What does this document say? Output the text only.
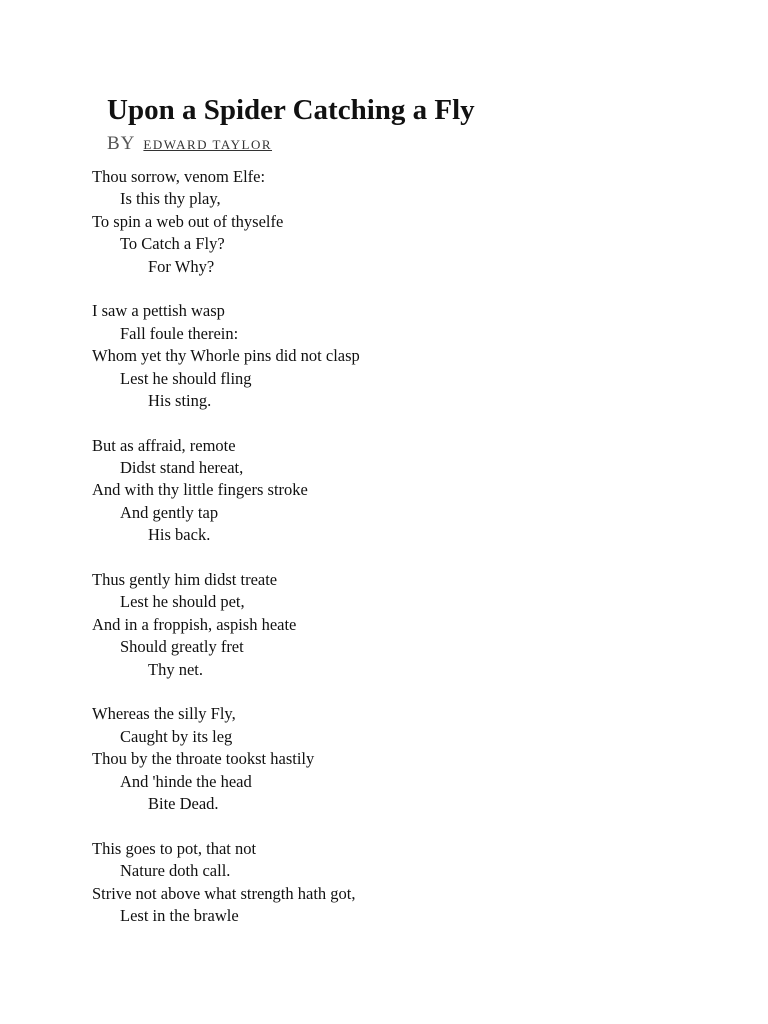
Upon a Spider Catching a Fly
BY EDWARD TAYLOR
Thou sorrow, venom Elfe:
Is this thy play,
To spin a web out of thyselfe
To Catch a Fly?
For Why?
I saw a pettish wasp
Fall foule therein:
Whom yet thy Whorle pins did not clasp
Lest he should fling
His sting.
But as affraid, remote
Didst stand hereat,
And with thy little fingers stroke
And gently tap
His back.
Thus gently him didst treate
Lest he should pet,
And in a froppish, aspish heate
Should greatly fret
Thy net.
Whereas the silly Fly,
Caught by its leg
Thou by the throate tookst hastily
And 'hinde the head
Bite Dead.
This goes to pot, that not
Nature doth call.
Strive not above what strength hath got,
Lest in the brawle
